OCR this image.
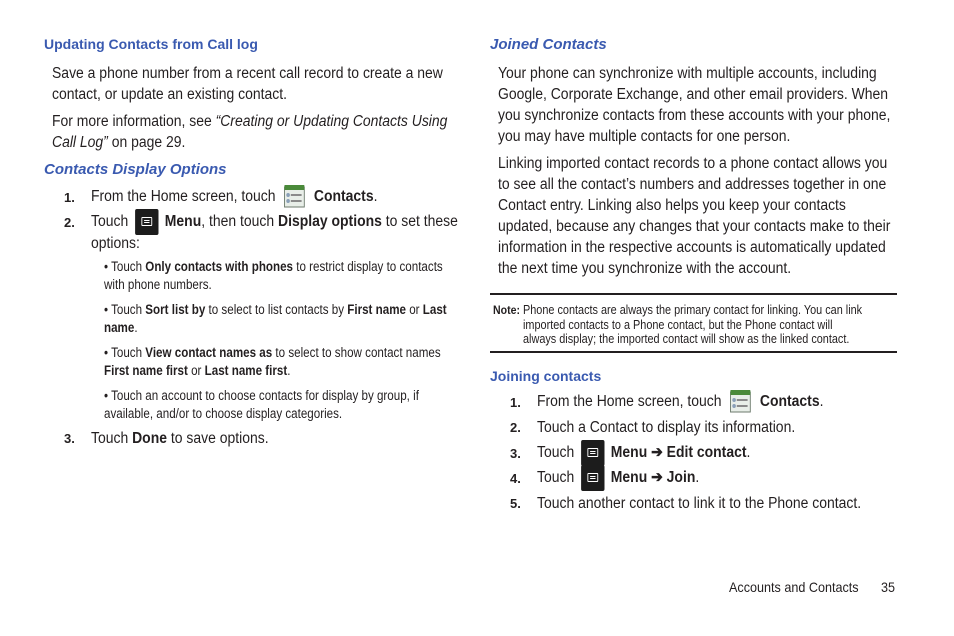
Updating Contacts from Call log
Save a phone number from a recent call record to create a new
contact, or update an existing contact.
For more information, see “Creating or Updating Contacts Using
Call Log” on page 29.
Contacts Display Options
1. From the Home screen, touch Contacts.
2. Touch Menu, then touch Display options to set these
options:
• Touch Only contacts with phones to restrict display to contacts
with phone numbers.
• Touch Sort list by to select to list contacts by First name or Last
name.
• Touch View contact names as to select to show contact names
First name first or Last name first.
• Touch an account to choose contacts for display by group, if
available, and/or to choose display categories.
3. Touch Done to save options.
Joined Contacts
Your phone can synchronize with multiple accounts, including
Google, Corporate Exchange, and other email providers. When
you synchronize contacts from these accounts with your phone,
you may have multiple contacts for one person.
Linking imported contact records to a phone contact allows you
to see all the contact’s numbers and addresses together in one
Contact entry. Linking also helps you keep your contacts
updated, because any changes that your contacts make to their
information in the respective accounts is automatically updated
the next time you synchronize with the account.
Note: Phone contacts are always the primary contact for linking. You can link
imported contacts to a Phone contact, but the Phone contact will
always display; the imported contact will show as the linked contact.
Joining contacts
1. From the Home screen, touch Contacts.
2. Touch a Contact to display its information.
3. Touch Menu ➔ Edit contact.
4. Touch Menu ➔ Join.
5. Touch another contact to link it to the Phone contact.
Accounts and Contacts 35
